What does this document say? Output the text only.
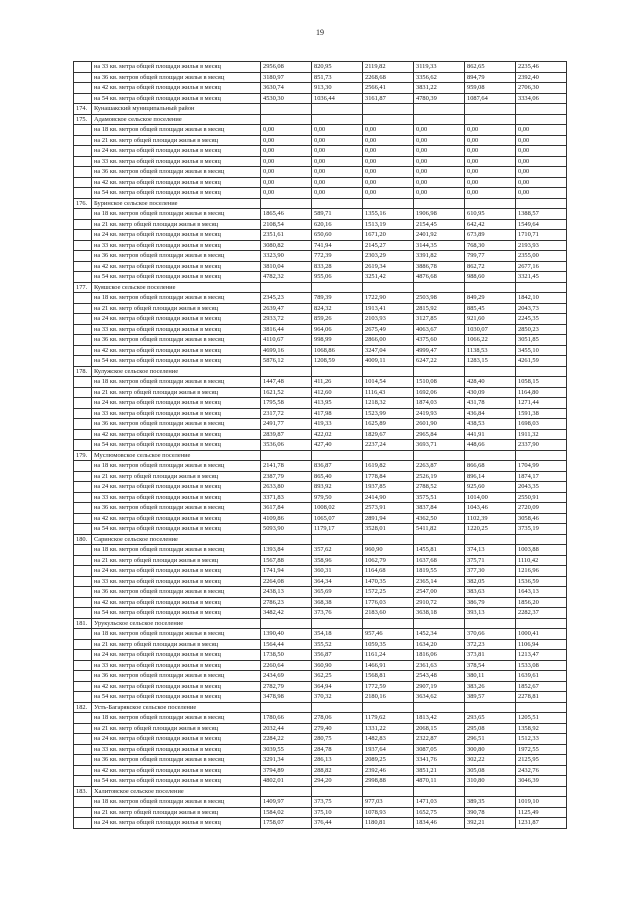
19
	на 33 кв. метра общей площади жилья в месяц	2956,08	820,95	2119,82	3119,33	862,65	2235,46
	на 36 кв. метров общей площади жилья в месяц	3180,97	851,73	2268,68	3356,62	894,79	2392,40
	на 42 кв. метра общей площади жилья в месяц	3630,74	913,30	2566,41	3831,22	959,08	2706,30
	на 54 кв. метра общей площади жилья в месяц	4530,30	1036,44	3161,87	4780,39	1087,64	3334,06
174.	Кунашакский муниципальный район						
175.	Адамовское сельское поселение						
	на 18 кв. метров общей площади жилья в месяц	0,00	0,00	0,00	0,00	0,00	0,00
	на 21 кв. метр общей площади жилья в месяц	0,00	0,00	0,00	0,00	0,00	0,00
	на 24 кв. метра общей площади жилья в месяц	0,00	0,00	0,00	0,00	0,00	0,00
	на 33 кв. метра общей площади жилья в месяц	0,00	0,00	0,00	0,00	0,00	0,00
	на 36 кв. метров общей площади жилья в месяц	0,00	0,00	0,00	0,00	0,00	0,00
	на 42 кв. метра общей площади жилья в месяц	0,00	0,00	0,00	0,00	0,00	0,00
	на 54 кв. метра общей площади жилья в месяц	0,00	0,00	0,00	0,00	0,00	0,00
176.	Буринское сельское поселение						
	на 18 кв. метров общей площади жилья в месяц	1865,46	589,71	1355,16	1906,98	610,95	1388,57
	на 21 кв. метр общей площади жилья в месяц	2108,54	620,16	1513,19	2154,45	642,42	1549,64
	на 24 кв. метра общей площади жилья в месяц	2351,61	650,60	1671,20	2401,92	673,89	1710,71
	на 33 кв. метра общей площади жилья в месяц	3080,82	741,94	2145,27	3144,35	768,30	2193,93
	на 36 кв. метров общей площади жилья в месяц	3323,90	772,39	2303,29	3391,82	799,77	2355,00
	на 42 кв. метра общей площади жилья в месяц	3810,04	833,28	2619,34	3886,78	862,72	2677,16
	на 54 кв. метра общей площади жилья в месяц	4782,32	955,06	3251,42	4876,68	988,60	3321,45
177.	Куяшское сельское поселение						
	на 18 кв. метров общей площади жилья в месяц	2345,23	789,39	1722,90	2503,98	849,29	1842,10
	на 21 кв. метр общей площади жилья в месяц	2639,47	824,32	1913,41	2815,92	885,45	2043,73
	на 24 кв. метра общей площади жилья в месяц	2933,72	859,26	2103,93	3127,85	921,60	2245,35
	на 33 кв. метра общей площади жилья в месяц	3816,44	964,06	2675,49	4063,67	1030,07	2850,23
	на 36 кв. метров общей площади жилья в месяц	4110,67	998,99	2866,00	4375,60	1066,22	3051,85
	на 42 кв. метра общей площади жилья в месяц	4699,16	1068,86	3247,04	4999,47	1138,53	3455,10
	на 54 кв. метра общей площади жилья в месяц	5876,12	1208,59	4009,11	6247,22	1283,15	4261,59
178.	Кулужское сельское поселение						
	на 18 кв. метров общей площади жилья в месяц	1447,48	411,26	1014,54	1510,08	428,40	1058,15
	на 21 кв. метр общей площади жилья в месяц	1621,52	412,60	1116,43	1692,06	430,09	1164,80
	на 24 кв. метра общей площади жилья в месяц	1795,58	413,95	1218,32	1874,03	431,78	1271,44
	на 33 кв. метра общей площади жилья в месяц	2317,72	417,98	1523,99	2419,93	436,84	1591,38
	на 36 кв. метров общей площади жилья в месяц	2491,77	419,33	1625,89	2601,90	438,53	1698,03
	на 42 кв. метра общей площади жилья в месяц	2839,87	422,02	1829,67	2965,84	441,91	1911,32
	на 54 кв. метра общей площади жилья в месяц	3536,06	427,40	2237,24	3693,71	448,66	2337,90
179.	Муслюмовское сельское поселение						
	на 18 кв. метров общей площади жилья в месяц	2141,78	836,87	1619,82	2263,87	866,68	1704,99
	на 21 кв. метр общей площади жилья в месяц	2387,79	865,40	1778,84	2526,19	896,14	1874,17
	на 24 кв. метра общей площади жилья в месяц	2633,80	893,92	1937,85	2788,52	925,60	2043,35
	на 33 кв. метра общей площади жилья в месяц	3371,83	979,50	2414,90	3575,51	1014,00	2550,91
	на 36 кв. метров общей площади жилья в месяц	3617,84	1008,02	2573,91	3837,84	1043,46	2720,09
	на 42 кв. метра общей площади жилья в месяц	4109,86	1065,07	2891,94	4362,50	1102,39	3058,46
	на 54 кв. метра общей площади жилья в месяц	5093,90	1179,17	3528,01	5411,82	1220,25	3735,19
180.	Саринское сельское поселение						
	на 18 кв. метров общей площади жилья в месяц	1393,84	357,62	960,90	1455,81	374,13	1003,88
	на 21 кв. метр общей площади жилья в месяц	1567,88	358,96	1062,79	1637,68	375,71	1110,42
	на 24 кв. метра общей площади жилья в месяц	1741,94	360,31	1164,68	1819,55	377,30	1216,96
	на 33 кв. метра общей площади жилья в месяц	2264,08	364,34	1470,35	2365,14	382,05	1536,59
	на 36 кв. метров общей площади жилья в месяц	2438,13	365,69	1572,25	2547,00	383,63	1643,13
	на 42 кв. метра общей площади жилья в месяц	2786,23	368,38	1776,03	2910,72	386,79	1856,20
	на 54 кв. метра общей площади жилья в месяц	3482,42	373,76	2183,60	3638,18	393,13	2282,37
181.	Урукульское сельское поселение						
	на 18 кв. метров общей площади жилья в месяц	1390,40	354,18	957,46	1452,34	370,66	1000,41
	на 21 кв. метр общей площади жилья в месяц	1564,44	355,52	1059,35	1634,20	372,23	1106,94
	на 24 кв. метра общей площади жилья в месяц	1738,50	356,87	1161,24	1816,06	373,81	1213,47
	на 33 кв. метра общей площади жилья в месяц	2260,64	360,90	1466,91	2361,63	378,54	1533,08
	на 36 кв. метров общей площади жилья в месяц	2434,69	362,25	1568,81	2543,48	380,11	1639,61
	на 42 кв. метра общей площади жилья в месяц	2782,79	364,94	1772,59	2907,19	383,26	1852,67
	на 54 кв. метра общей площади жилья в месяц	3478,98	370,32	2180,16	3634,62	389,57	2278,81
182.	Усть-Багарякское сельское поселение						
	на 18 кв. метров общей площади жилья в месяц	1780,66	278,06	1179,62	1813,42	293,65	1205,51
	на 21 кв. метр общей площади жилья в месяц	2032,44	279,40	1331,22	2068,15	295,08	1358,92
	на 24 кв. метра общей площади жилья в месяц	2284,22	280,75	1482,83	2322,87	296,51	1512,33
	на 33 кв. метра общей площади жилья в месяц	3039,55	284,78	1937,64	3087,05	300,80	1972,55
	на 36 кв. метров общей площади жилья в месяц	3291,34	286,13	2089,25	3341,76	302,22	2125,95
	на 42 кв. метра общей площади жилья в месяц	3794,89	288,82	2392,46	3851,21	305,08	2432,76
	на 54 кв. метра общей площади жилья в месяц	4802,01	294,20	2998,88	4870,11	310,80	3046,39
183.	Халитовское сельское поселение						
	на 18 кв. метров общей площади жилья в месяц	1409,97	373,75	977,03	1471,03	389,35	1019,10
	на 21 кв. метр общей площади жилья в месяц	1584,02	375,10	1078,93	1652,75	390,78	1125,49
	на 24 кв. метра общей площади жилья в месяц	1758,07	376,44	1180,81	1834,46	392,21	1231,87
